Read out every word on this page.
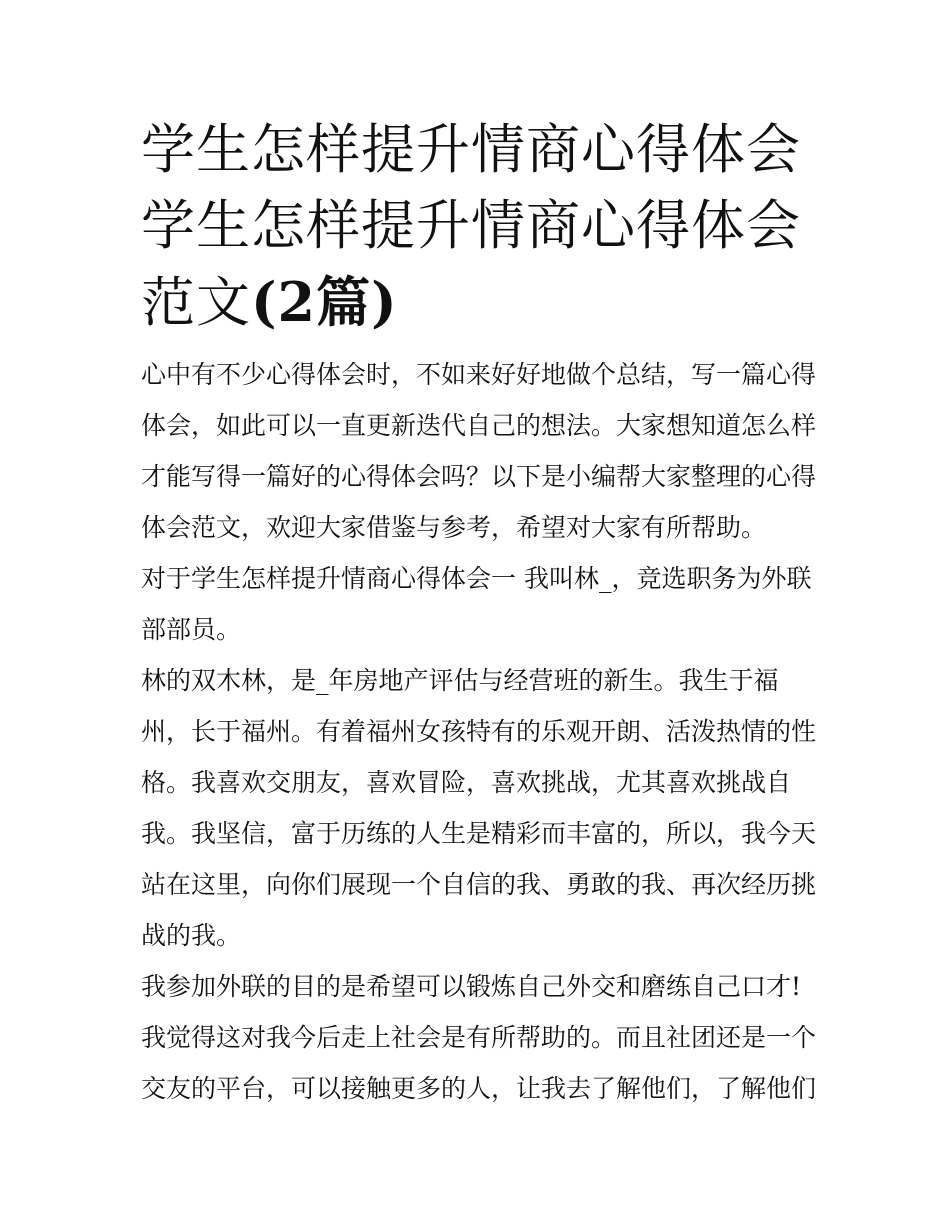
学生怎样提升情商心得体会 学生怎样提升情商心得体会范文(2篇)

心中有不少心得体会时，不如来好好地做个总结，写一篇心得体会，如此可以一直更新迭代自己的想法。大家想知道怎么样才能写得一篇好的心得体会吗？以下是小编帮大家整理的心得体会范文，欢迎大家借鉴与参考，希望对大家有所帮助。

对于学生怎样提升情商心得体会一 我叫林_，竞选职务为外联部部员。

林的双木林，是_年房地产评估与经营班的新生。我生于福州，长于福州。有着福州女孩特有的乐观开朗、活泼热情的性格。我喜欢交朋友，喜欢冒险，喜欢挑战，尤其喜欢挑战自我。我坚信，富于历练的人生是精彩而丰富的，所以，我今天站在这里，向你们展现一个自信的我、勇敢的我、再次经历挑战的我。

我参加外联的目的是希望可以锻炼自己外交和磨练自己口才!我觉得这对我今后走上社会是有所帮助的。而且社团还是一个交友的平台，可以接触更多的人，让我去了解他们，了解他们
